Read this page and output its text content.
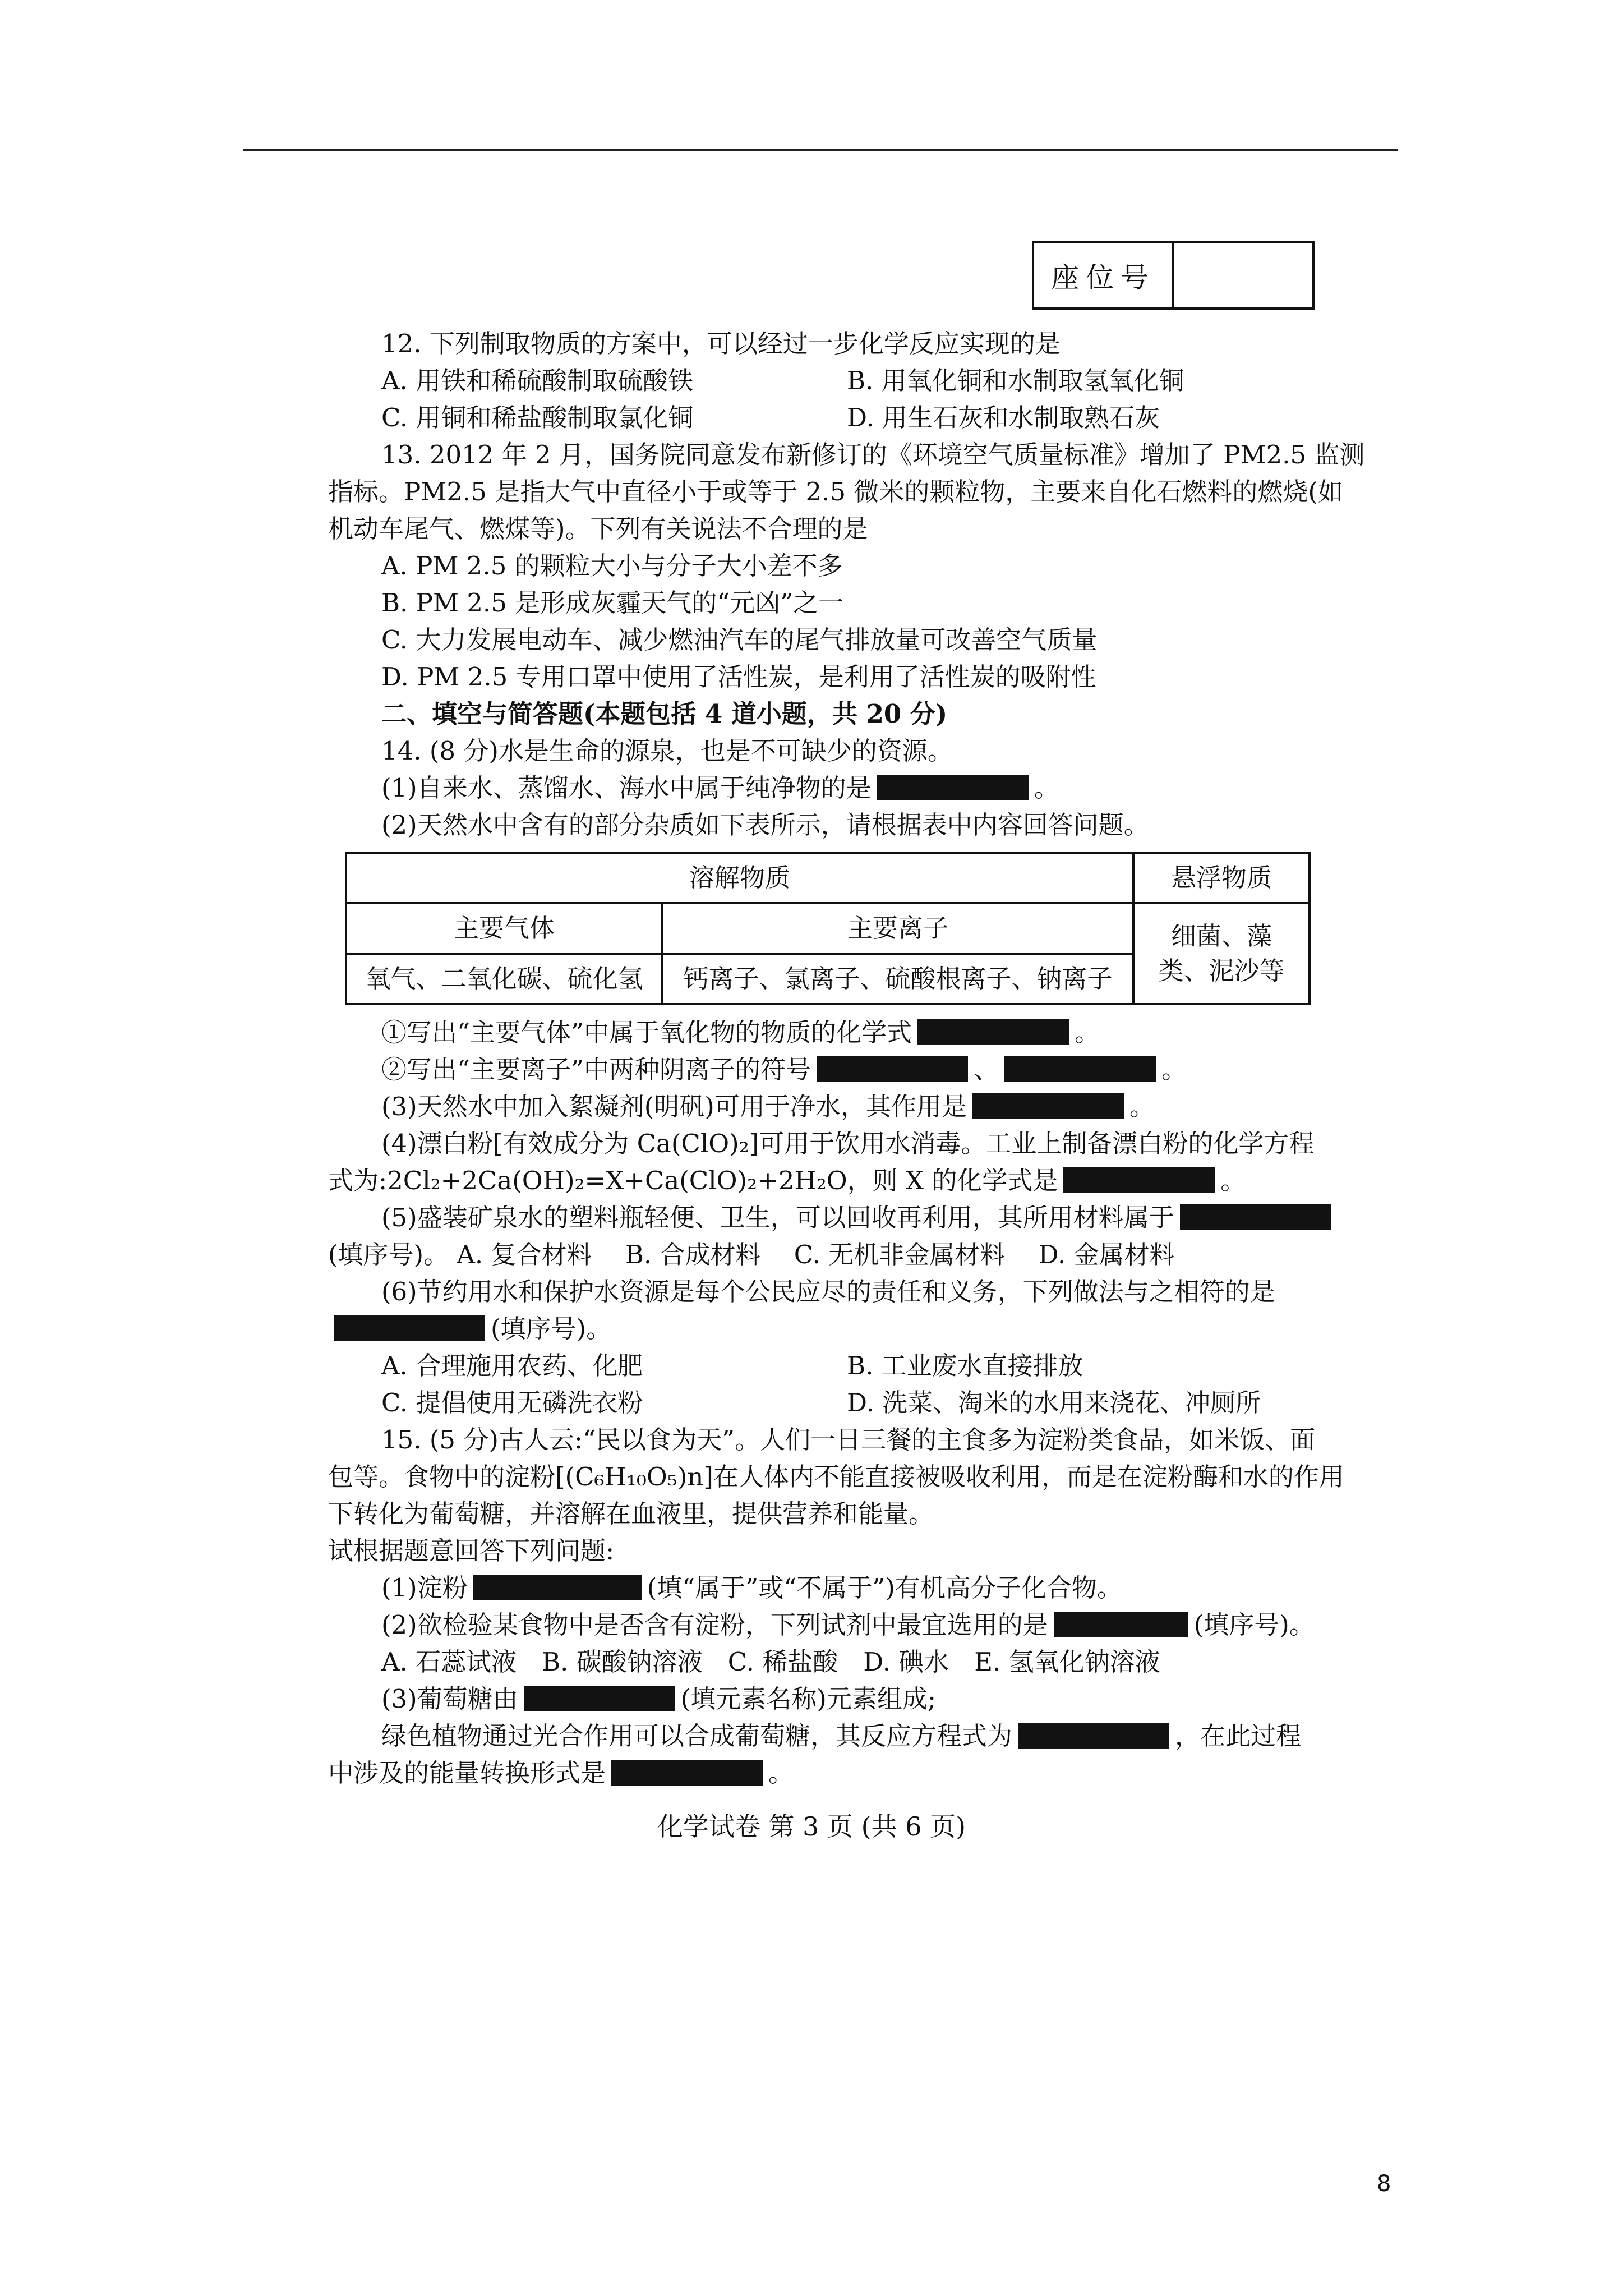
座位号
12. 下列制取物质的方案中，可以经过一步化学反应实现的是
A. 用铁和稀硫酸制取硫酸铁	B. 用氧化铜和水制取氢氧化铜
C. 用铜和稀盐酸制取氯化铜	D. 用生石灰和水制取熟石灰
13. 2012 年 2 月，国务院同意发布新修订的《环境空气质量标准》增加了 PM2.5 监测
指标。PM2.5 是指大气中直径小于或等于 2.5 微米的颗粒物，主要来自化石燃料的燃烧(如
机动车尾气、燃煤等)。下列有关说法不合理的是
A. PM 2.5 的颗粒大小与分子大小差不多
B. PM 2.5 是形成灰霾天气的“元凶”之一
C. 大力发展电动车、减少燃油汽车的尾气排放量可改善空气质量
D. PM 2.5 专用口罩中使用了活性炭，是利用了活性炭的吸附性
二、填空与简答题(本题包括 4 道小题，共 20 分)
14. (8 分)水是生命的源泉，也是不可缺少的资源。
(1)自来水、蒸馏水、海水中属于纯净物的是	。
(2)天然水中含有的部分杂质如下表所示，请根据表中内容回答问题。
溶解物质		悬浮物质
主要气体	主要离子	细菌、藻类、泥沙等
氧气、二氧化碳、硫化氢	钙离子、氯离子、硫酸根离子、钠离子	
①写出“主要气体”中属于氧化物的物质的化学式	。
②写出“主要离子”中两种阴离子的符号	、	。
(3)天然水中加入絮凝剂(明矾)可用于净水，其作用是	。
(4)漂白粉[有效成分为 Ca(ClO)₂]可用于饮用水消毒。工业上制备漂白粉的化学方程
式为:2Cl₂+2Ca(OH)₂=X+Ca(ClO)₂+2H₂O，则 X 的化学式是	。
(5)盛装矿泉水的塑料瓶轻便、卫生，可以回收再利用，其所用材料属于
(填序号)。 A. 复合材料　 B. 合成材料　 C. 无机非金属材料　 D. 金属材料
(6)节约用水和保护水资源是每个公民应尽的责任和义务，下列做法与之相符的是
(填序号)。
A. 合理施用农药、化肥	B. 工业废水直接排放
C. 提倡使用无磷洗衣粉	D. 洗菜、淘米的水用来浇花、冲厕所
15. (5 分)古人云:“民以食为天”。人们一日三餐的主食多为淀粉类食品，如米饭、面
包等。食物中的淀粉[(C₆H₁₀O₅)n]在人体内不能直接被吸收利用，而是在淀粉酶和水的作用
下转化为葡萄糖，并溶解在血液里，提供营养和能量。
试根据题意回答下列问题:
(1)淀粉	(填“属于”或“不属于”)有机高分子化合物。
(2)欲检验某食物中是否含有淀粉，下列试剂中最宜选用的是	(填序号)。
A. 石蕊试液　B. 碳酸钠溶液　C. 稀盐酸　D. 碘水　E. 氢氧化钠溶液
(3)葡萄糖由	(填元素名称)元素组成;
绿色植物通过光合作用可以合成葡萄糖，其反应方程式为	，在此过程
中涉及的能量转换形式是	。
化学试卷 第 3 页 (共 6 页)
8
